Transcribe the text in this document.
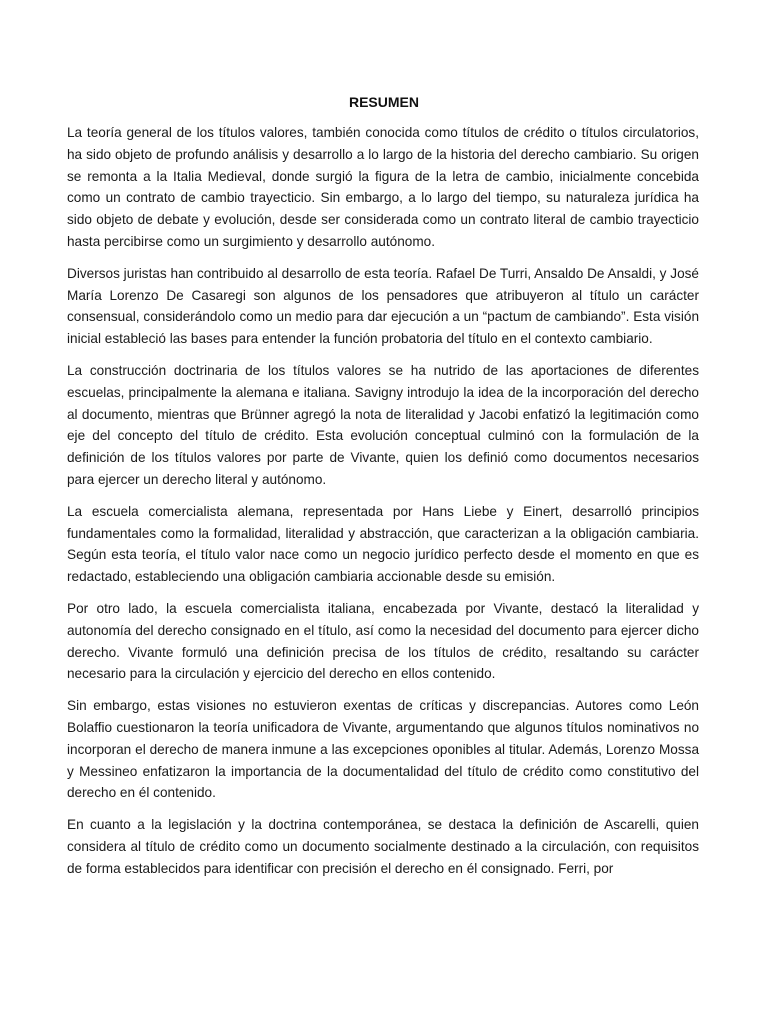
RESUMEN

La teoría general de los títulos valores, también conocida como títulos de crédito o títulos circulatorios, ha sido objeto de profundo análisis y desarrollo a lo largo de la historia del derecho cambiario. Su origen se remonta a la Italia Medieval, donde surgió la figura de la letra de cambio, inicialmente concebida como un contrato de cambio trayecticio. Sin embargo, a lo largo del tiempo, su naturaleza jurídica ha sido objeto de debate y evolución, desde ser considerada como un contrato literal de cambio trayecticio hasta percibirse como un surgimiento y desarrollo autónomo.

Diversos juristas han contribuido al desarrollo de esta teoría. Rafael De Turri, Ansaldo De Ansaldi, y José María Lorenzo De Casaregi son algunos de los pensadores que atribuyeron al título un carácter consensual, considerándolo como un medio para dar ejecución a un “pactum de cambiando”. Esta visión inicial estableció las bases para entender la función probatoria del título en el contexto cambiario.

La construcción doctrinaria de los títulos valores se ha nutrido de las aportaciones de diferentes escuelas, principalmente la alemana e italiana. Savigny introdujo la idea de la incorporación del derecho al documento, mientras que Brünner agregó la nota de literalidad y Jacobi enfatizó la legitimación como eje del concepto del título de crédito. Esta evolución conceptual culminó con la formulación de la definición de los títulos valores por parte de Vivante, quien los definió como documentos necesarios para ejercer un derecho literal y autónomo.

La escuela comercialista alemana, representada por Hans Liebe y Einert, desarrolló principios fundamentales como la formalidad, literalidad y abstracción, que caracterizan a la obligación cambiaria. Según esta teoría, el título valor nace como un negocio jurídico perfecto desde el momento en que es redactado, estableciendo una obligación cambiaria accionable desde su emisión.

Por otro lado, la escuela comercialista italiana, encabezada por Vivante, destacó la literalidad y autonomía del derecho consignado en el título, así como la necesidad del documento para ejercer dicho derecho. Vivante formuló una definición precisa de los títulos de crédito, resaltando su carácter necesario para la circulación y ejercicio del derecho en ellos contenido.

Sin embargo, estas visiones no estuvieron exentas de críticas y discrepancias. Autores como León Bolaffio cuestionaron la teoría unificadora de Vivante, argumentando que algunos títulos nominativos no incorporan el derecho de manera inmune a las excepciones oponibles al titular. Además, Lorenzo Mossa y Messineo enfatizaron la importancia de la documentalidad del título de crédito como constitutivo del derecho en él contenido.

En cuanto a la legislación y la doctrina contemporánea, se destaca la definición de Ascarelli, quien considera al título de crédito como un documento socialmente destinado a la circulación, con requisitos de forma establecidos para identificar con precisión el derecho en él consignado. Ferri, por
